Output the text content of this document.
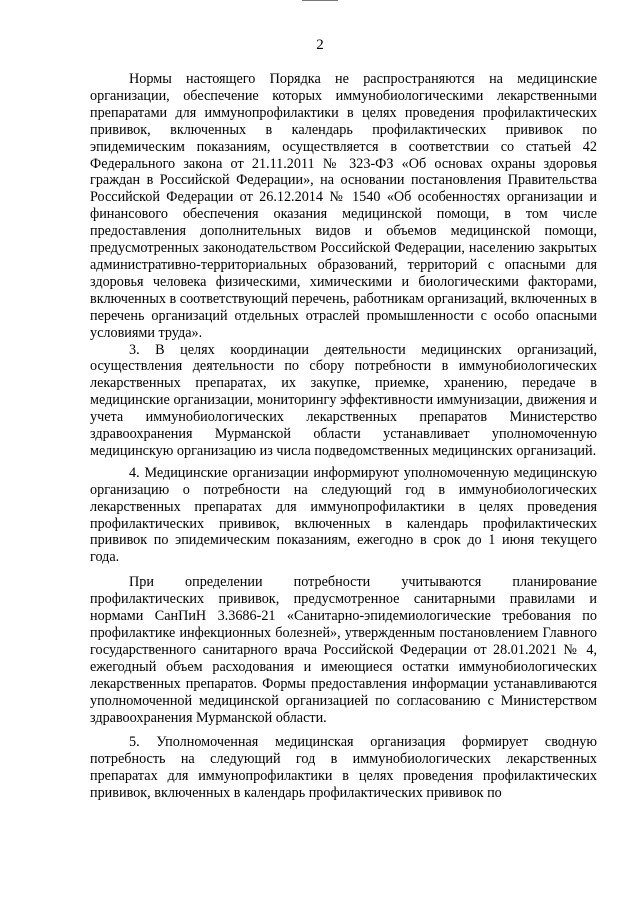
2

Нормы настоящего Порядка не распространяются на медицинские организации, обеспечение которых иммунобиологическими лекарственными препаратами для иммунопрофилактики в целях проведения профилактических прививок, включенных в календарь профилактических прививок по эпидемическим показаниям, осуществляется в соответствии со статьей 42 Федерального закона от 21.11.2011 № 323-ФЗ «Об основах охраны здоровья граждан в Российской Федерации», на основании постановления Правительства Российской Федерации от 26.12.2014 № 1540 «Об особенностях организации и финансового обеспечения оказания медицинской помощи, в том числе предоставления дополнительных видов и объемов медицинской помощи, предусмотренных законодательством Российской Федерации, населению закрытых административно-территориальных образований, территорий с опасными для здоровья человека физическими, химическими и биологическими факторами, включенных в соответствующий перечень, работникам организаций, включенных в перечень организаций отдельных отраслей промышленности с особо опасными условиями труда».

3. В целях координации деятельности медицинских организаций, осуществления деятельности по сбору потребности в иммунобиологических лекарственных препаратах, их закупке, приемке, хранению, передаче в медицинские организации, мониторингу эффективности иммунизации, движения и учета иммунобиологических лекарственных препаратов Министерство здравоохранения Мурманской области устанавливает уполномоченную медицинскую организацию из числа подведомственных медицинских организаций.

4. Медицинские организации информируют уполномоченную медицинскую организацию о потребности на следующий год в иммунобиологических лекарственных препаратах для иммунопрофилактики в целях проведения профилактических прививок, включенных в календарь профилактических прививок по эпидемическим показаниям, ежегодно в срок до 1 июня текущего года.

При определении потребности учитываются планирование профилактических прививок, предусмотренное санитарными правилами и нормами СанПиН 3.3686-21 «Санитарно-эпидемиологические требования по профилактике инфекционных болезней», утвержденным постановлением Главного государственного санитарного врача Российской Федерации от 28.01.2021 № 4, ежегодный объем расходования и имеющиеся остатки иммунобиологических лекарственных препаратов. Формы предоставления информации устанавливаются уполномоченной медицинской организацией по согласованию с Министерством здравоохранения Мурманской области.

5. Уполномоченная медицинская организация формирует сводную потребность на следующий год в иммунобиологических лекарственных препаратах для иммунопрофилактики в целях проведения профилактических прививок, включенных в календарь профилактических прививок по
